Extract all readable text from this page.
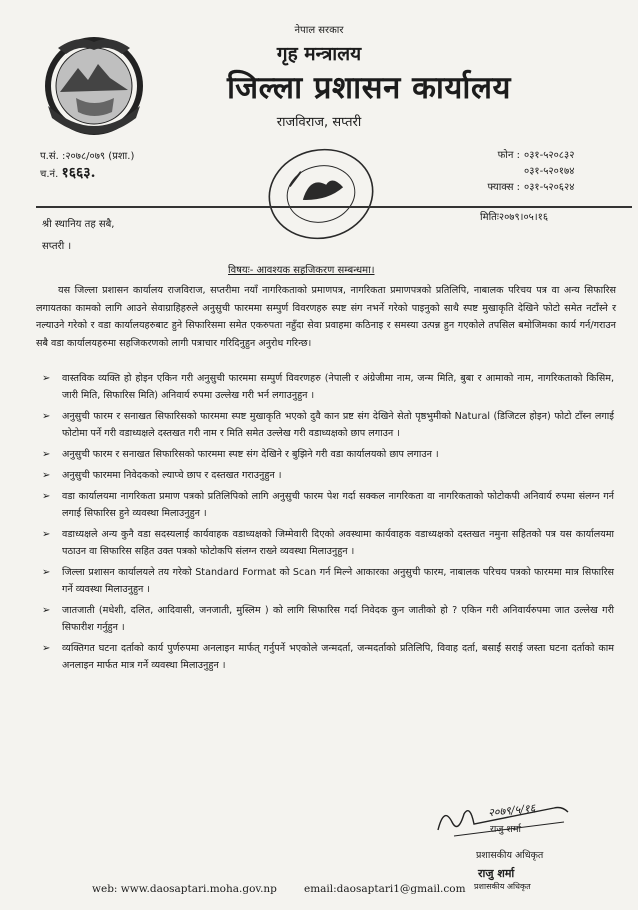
नेपाल सरकार
गृह मन्त्रालय
जिल्ला प्रशासन कार्यालय
राजविराज, सप्तरी
प.सं. :२०७८/०७९ (प्रशा.)
च.नं. १६६३.
फोन : ०३१-५२०८३२
०३१-५२०१७४
फ्याक्स : ०३१-५२०६२४
मितिः२०७९।०५।१६
श्री स्थानिय तह सबै,
सप्तरी ।
विषयः- आवश्यक सहजिकरण सम्बन्धमा।
यस जिल्ला प्रशासन कार्यालय राजविराज, सप्तरीमा नयाँ नागरिकताको प्रमाणपत्र, नागरिकता प्रमाणपत्रको प्रतिलिपि, नाबालक परिचय पत्र वा अन्य सिफारिस लगायतका कामको लागि आउने सेवाग्राहिहरुले अनुसुची फारममा सम्पुर्ण विवरणहरु स्पष्ट संग नभर्ने गरेको पाइनुको साथै स्पष्ट मुखाकृति देखिने फोटो समेत नटाँस्ने र नल्याउने गरेको र वडा कार्यालयहरुबाट हुने सिफारिसमा समेत एकरुपता नहुँदा सेवा प्रवाहमा कठिनाइ र समस्या उत्पन्न हुन गएकोले तपसिल बमोजिमका कार्य गर्न/गराउन सबै वडा कार्यालयहरुमा सहजिकरणको लागी पत्राचार गरिदिनुहुन अनुरोध गरिन्छ।
➢ वास्तविक व्यक्ति हो होइन एकिन गरी अनुसुची फारममा सम्पुर्ण विवरणहरु (नेपाली र अंग्रेजीमा नाम, जन्म मिति, बुबा र आमाको नाम, नागरिकताको किसिम, जारी मिति, सिफारिस मिति) अनिवार्य रुपमा उल्लेख गरी भर्न लगाउनुहुन ।
➢ अनुसुची फारम र सनाखत सिफारिसको फारममा स्पष्ट मुखाकृति भएको दुवै कान प्रष्ट संग देखिने सेतो पृष्ठभुमीको Natural (डिजिटल होइन) फोटो टाँस्न लगाई फोटोमा पर्ने गरी वडाध्यक्षले दस्तखत गरी नाम र मिति समेत उल्लेख गरी वडाध्यक्षको छाप लगाउन ।
➢ अनुसुची फारम र सनाखत सिफारिसको फारममा स्पष्ट संग देखिने र बुझिने गरी वडा कार्यालयको छाप लगाउन ।
➢ अनुसुची फारममा निवेदकको ल्याप्चे छाप र दस्तखत गराउनुहुन ।
➢ वडा कार्यालयमा नागरिकता प्रमाण पत्रको प्रतिलिपिको लागि अनुसुची फारम पेश गर्दा सक्कल नागरिकता वा नागरिकताको फोटोकपी अनिवार्य रुपमा संलग्न गर्न लगाई सिफारिस हुने व्यवस्था मिलाउनुहुन ।
➢ वडाध्यक्षले अन्य कुनै वडा सदस्यलाई कार्यवाहक वडाध्यक्षको जिम्मेवारी दिएको अवस्थामा कार्यवाहक वडाध्यक्षको दस्तखत नमुना सहितको पत्र यस कार्यालयमा पठाउन वा सिफारिस सहित उक्त पत्रको फोटोकपि संलग्न राख्ने व्यवस्था मिलाउनुहुन ।
➢ जिल्ला प्रशासन कार्यालयले तय गरेको Standard Format को Scan गर्न मिल्ने आकारका अनुसुची फारम, नाबालक परिचय पत्रको फारममा मात्र सिफारिस गर्ने व्यवस्था मिलाउनुहुन ।
➢ जातजाती (मधेशी, दलित, आदिवासी, जनजाती, मुस्लिम ) को लागि सिफारिस गर्दा निवेदक कुन जातीको हो ? एकिन गरी अनिवार्यरुपमा जात उल्लेख गरी सिफारीश गर्नुहुन ।
➢ व्यक्तिगत घटना दर्ताको कार्य पुर्णरुपमा अनलाइन मार्फत् गर्नुपर्ने भएकोले जन्मदर्ता, जन्मदर्ताको प्रतिलिपि, विवाह दर्ता, बसाईं सराई जस्ता घटना दर्ताको काम अनलाइन मार्फत मात्र गर्ने व्यवस्था मिलाउनुहुन ।
२०७९/५/१६
राजु शर्मा
प्रशासकीय अधिकृत
राजु शर्मा
प्रशासकीय अधिकृत
web: www.daosaptari.moha.gov.np	email:daosaptari1@gmail.com
